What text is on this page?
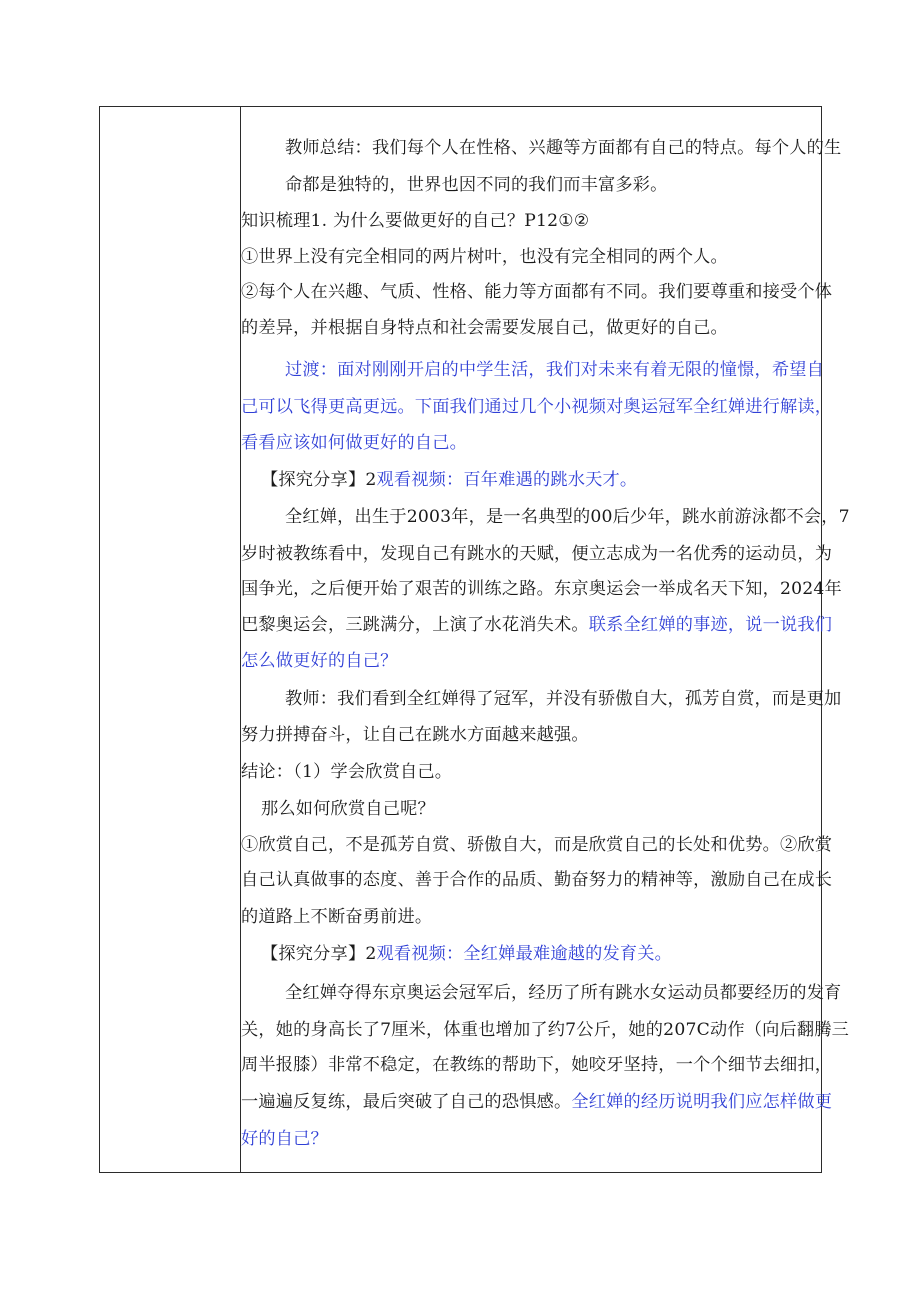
教师总结：我们每个人在性格、兴趣等方面都有自己的特点。每个人的生
命都是独特的，世界也因不同的我们而丰富多彩。
知识梳理1. 为什么要做更好的自己？P12①②
①世界上没有完全相同的两片树叶，也没有完全相同的两个人。
②每个人在兴趣、气质、性格、能力等方面都有不同。我们要尊重和接受个体
的差异，并根据自身特点和社会需要发展自己，做更好的自己。
过渡：面对刚刚开启的中学生活，我们对未来有着无限的憧憬，希望自
己可以飞得更高更远。下面我们通过几个小视频对奥运冠军全红婵进行解读，
看看应该如何做更好的自己。
【探究分享】2观看视频：百年难遇的跳水天才。
全红婵，出生于2003年，是一名典型的00后少年，跳水前游泳都不会，7
岁时被教练看中，发现自己有跳水的天赋，便立志成为一名优秀的运动员，为
国争光，之后便开始了艰苦的训练之路。东京奥运会一举成名天下知，2024年
巴黎奥运会，三跳满分，上演了水花消失术。联系全红婵的事迹，说一说我们
怎么做更好的自己？
教师：我们看到全红婵得了冠军，并没有骄傲自大，孤芳自赏，而是更加
努力拼搏奋斗，让自己在跳水方面越来越强。
结论：（1）学会欣赏自己。
那么如何欣赏自己呢？
①欣赏自己，不是孤芳自赏、骄傲自大，而是欣赏自己的长处和优势。②欣赏
自己认真做事的态度、善于合作的品质、勤奋努力的精神等，激励自己在成长
的道路上不断奋勇前进。
【探究分享】2观看视频：全红婵最难逾越的发育关。
全红婵夺得东京奥运会冠军后，经历了所有跳水女运动员都要经历的发育
关，她的身高长了7厘米，体重也增加了约7公斤，她的207C动作（向后翻腾三
周半报膝）非常不稳定，在教练的帮助下，她咬牙坚持，一个个细节去细扣，
一遍遍反复练，最后突破了自己的恐惧感。全红婵的经历说明我们应怎样做更
好的自己？
